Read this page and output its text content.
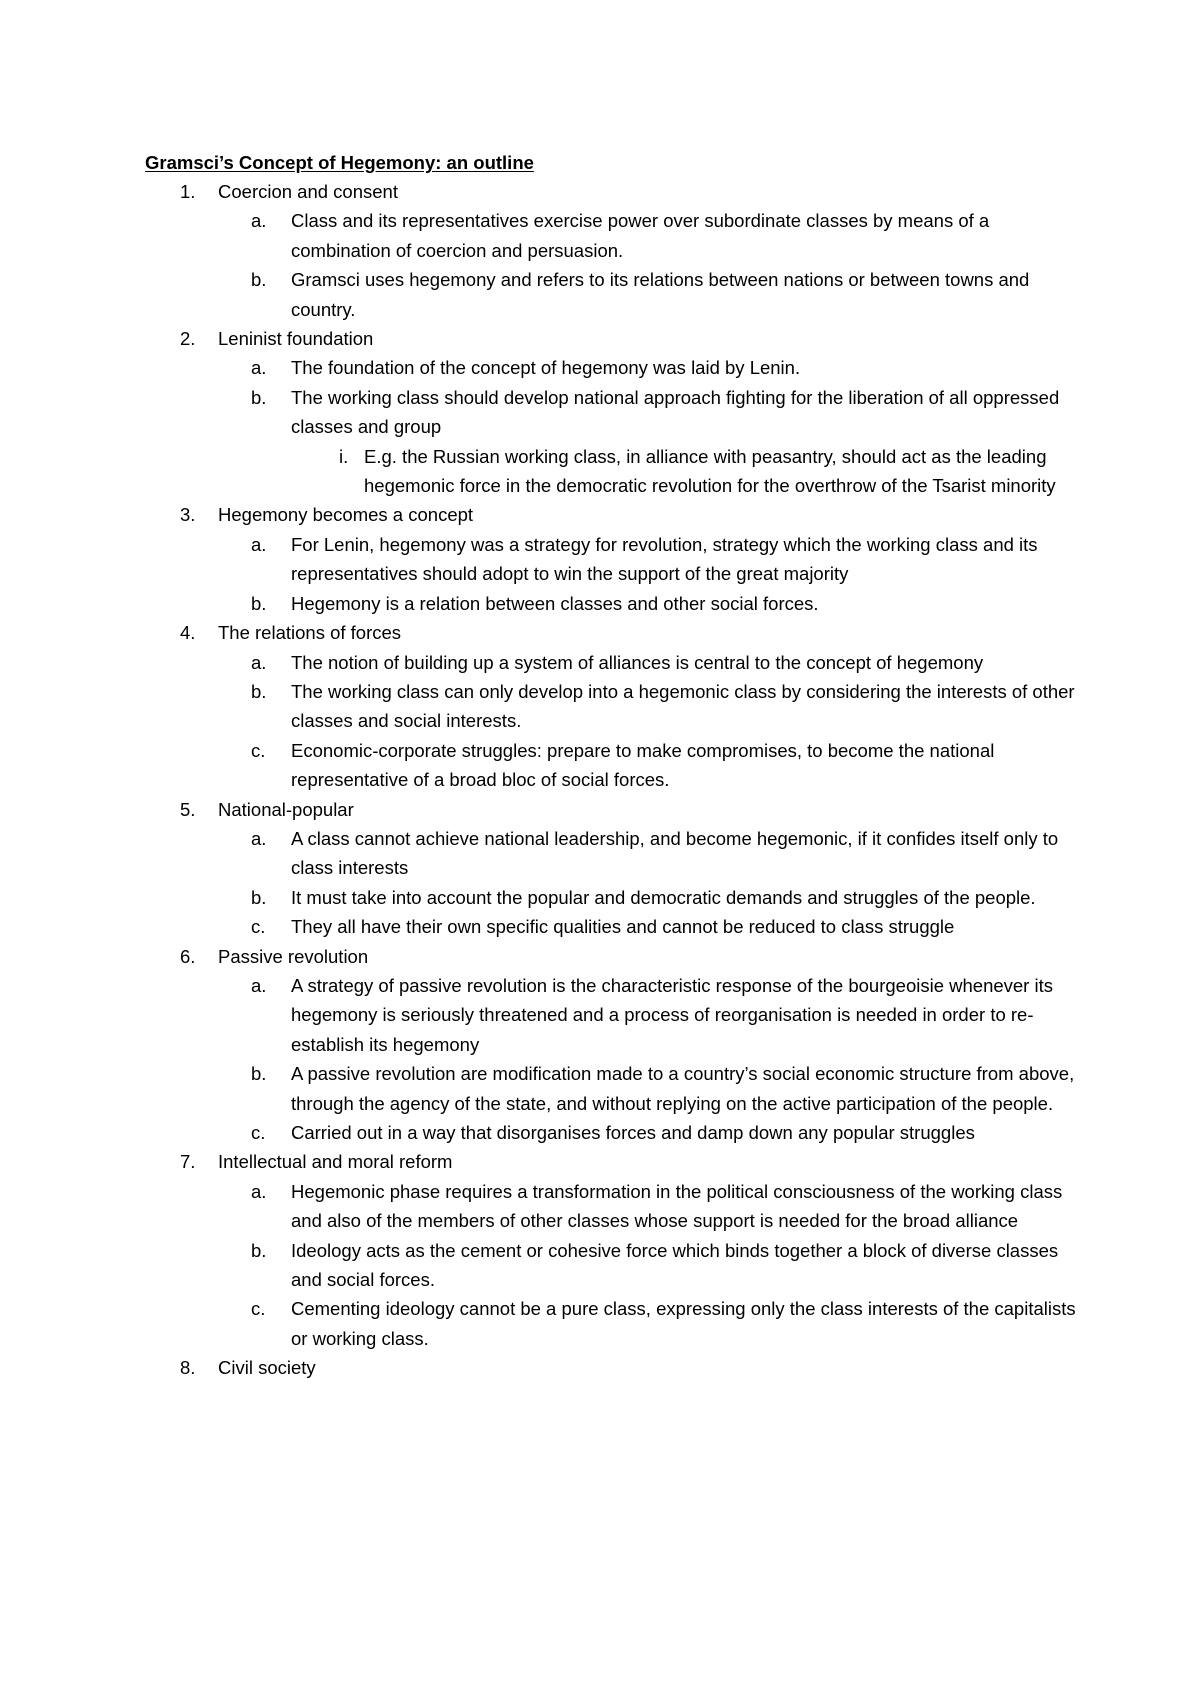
Gramsci’s Concept of Hegemony: an outline
1.	Coercion and consent
a.	Class and its representatives exercise power over subordinate classes by means of a combination of coercion and persuasion.
b.	Gramsci uses hegemony and refers to its relations between nations or between towns and country.
2.	Leninist foundation
a.	The foundation of the concept of hegemony was laid by Lenin.
b.	The working class should develop national approach fighting for the liberation of all oppressed classes and group
i. E.g. the Russian working class, in alliance with peasantry, should act as the leading hegemonic force in the democratic revolution for the overthrow of the Tsarist minority
3.	Hegemony becomes a concept
a.	For Lenin, hegemony was a strategy for revolution, strategy which the working class and its representatives should adopt to win the support of the great majority
b.	Hegemony is a relation between classes and other social forces.
4.	The relations of forces
a.	The notion of building up a system of alliances is central to the concept of hegemony
b.	The working class can only develop into a hegemonic class by considering the interests of other classes and social interests.
c.	Economic-corporate struggles: prepare to make compromises, to become the national representative of a broad bloc of social forces.
5.	National-popular
a.	A class cannot achieve national leadership, and become hegemonic, if it confides itself only to class interests
b.	It must take into account the popular and democratic demands and struggles of the people.
c.	They all have their own specific qualities and cannot be reduced to class struggle
6.	Passive revolution
a.	A strategy of passive revolution is the characteristic response of the bourgeoisie whenever its hegemony is seriously threatened and a process of reorganisation is needed in order to re-establish its hegemony
b.	A passive revolution are modification made to a country’s social economic structure from above, through the agency of the state, and without replying on the active participation of the people.
c.	Carried out in a way that disorganises forces and damp down any popular struggles
7.	Intellectual and moral reform
a.	Hegemonic phase requires a transformation in the political consciousness of the working class and also of the members of other classes whose support is needed for the broad alliance
b.	Ideology acts as the cement or cohesive force which binds together a block of diverse classes and social forces.
c.	Cementing ideology cannot be a pure class, expressing only the class interests of the capitalists or working class.
8.	Civil society
